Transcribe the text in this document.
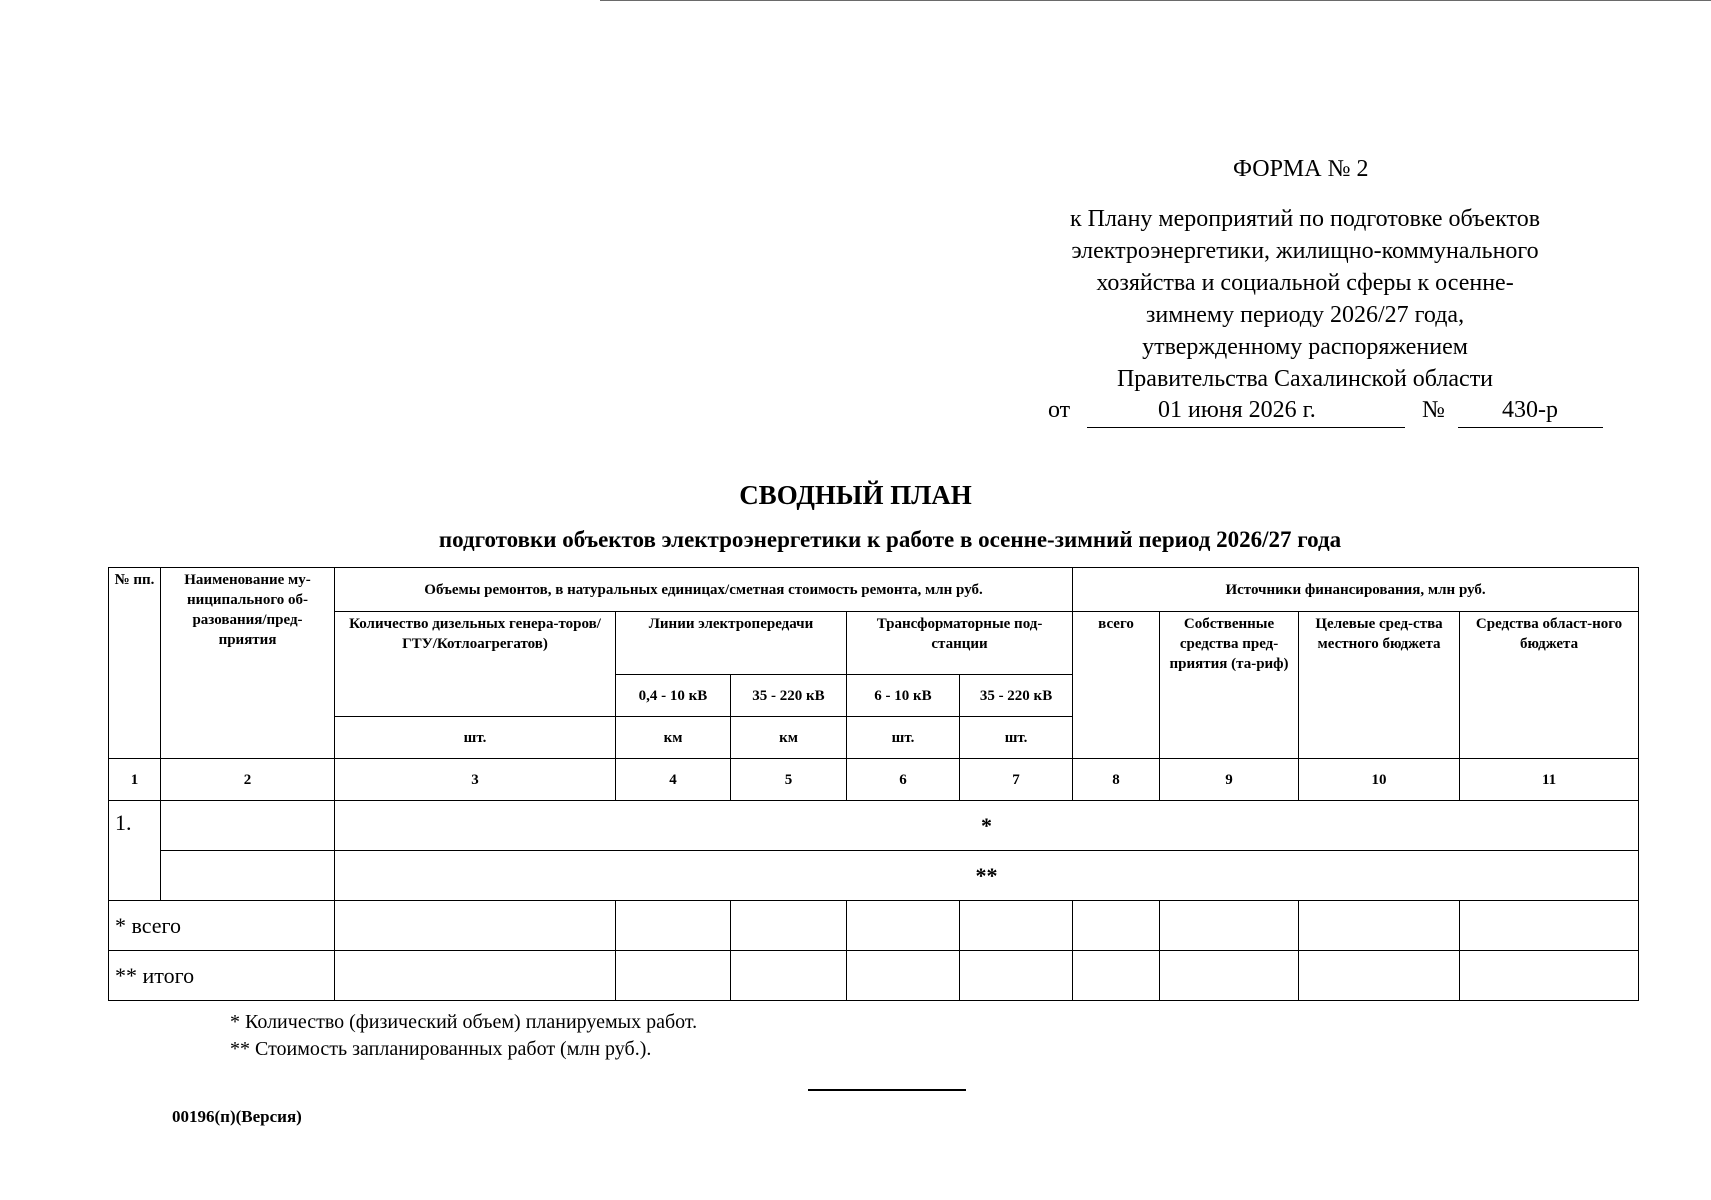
ФОРМА № 2
к Плану мероприятий по подготовке объектов
электроэнергетики, жилищно-коммунального
хозяйства и социальной сферы к осенне-
зимнему периоду 2026/27 года,
утвержденному распоряжением
Правительства Сахалинской области
от	01 июня 2026 г.	№ 430-р
СВОДНЫЙ ПЛАН
подготовки объектов электроэнергетики к работе в осенне-зимний период 2026/27 года
№ пп.	Наименование му-ниципального об-разования/пред-приятия	Объемы ремонтов, в натуральных единицах/сметная стоимость ремонта, млн руб.					Источники финансирования, млн руб.			
		Количество дизельных генера-торов/ГТУ/Котлоагрегатов)	Линии электропередачи		Трансформаторные под-станции		всего	Собственные средства пред-приятия (та-риф)	Целевые сред-ства местного бюджета	Средства област-ного бюджета
			0,4 - 10 кВ	35 - 220 кВ	6 - 10 кВ	35 - 220 кВ				
		шт.	км	км	шт.	шт.				
1	2	3	4	5	6	7	8	9	10	11
1.		*								
		**								
* всего										
** итого										
* Количество (физический объем) планируемых работ.
** Стоимость запланированных работ (млн руб.).
00196(п)(Версия)
